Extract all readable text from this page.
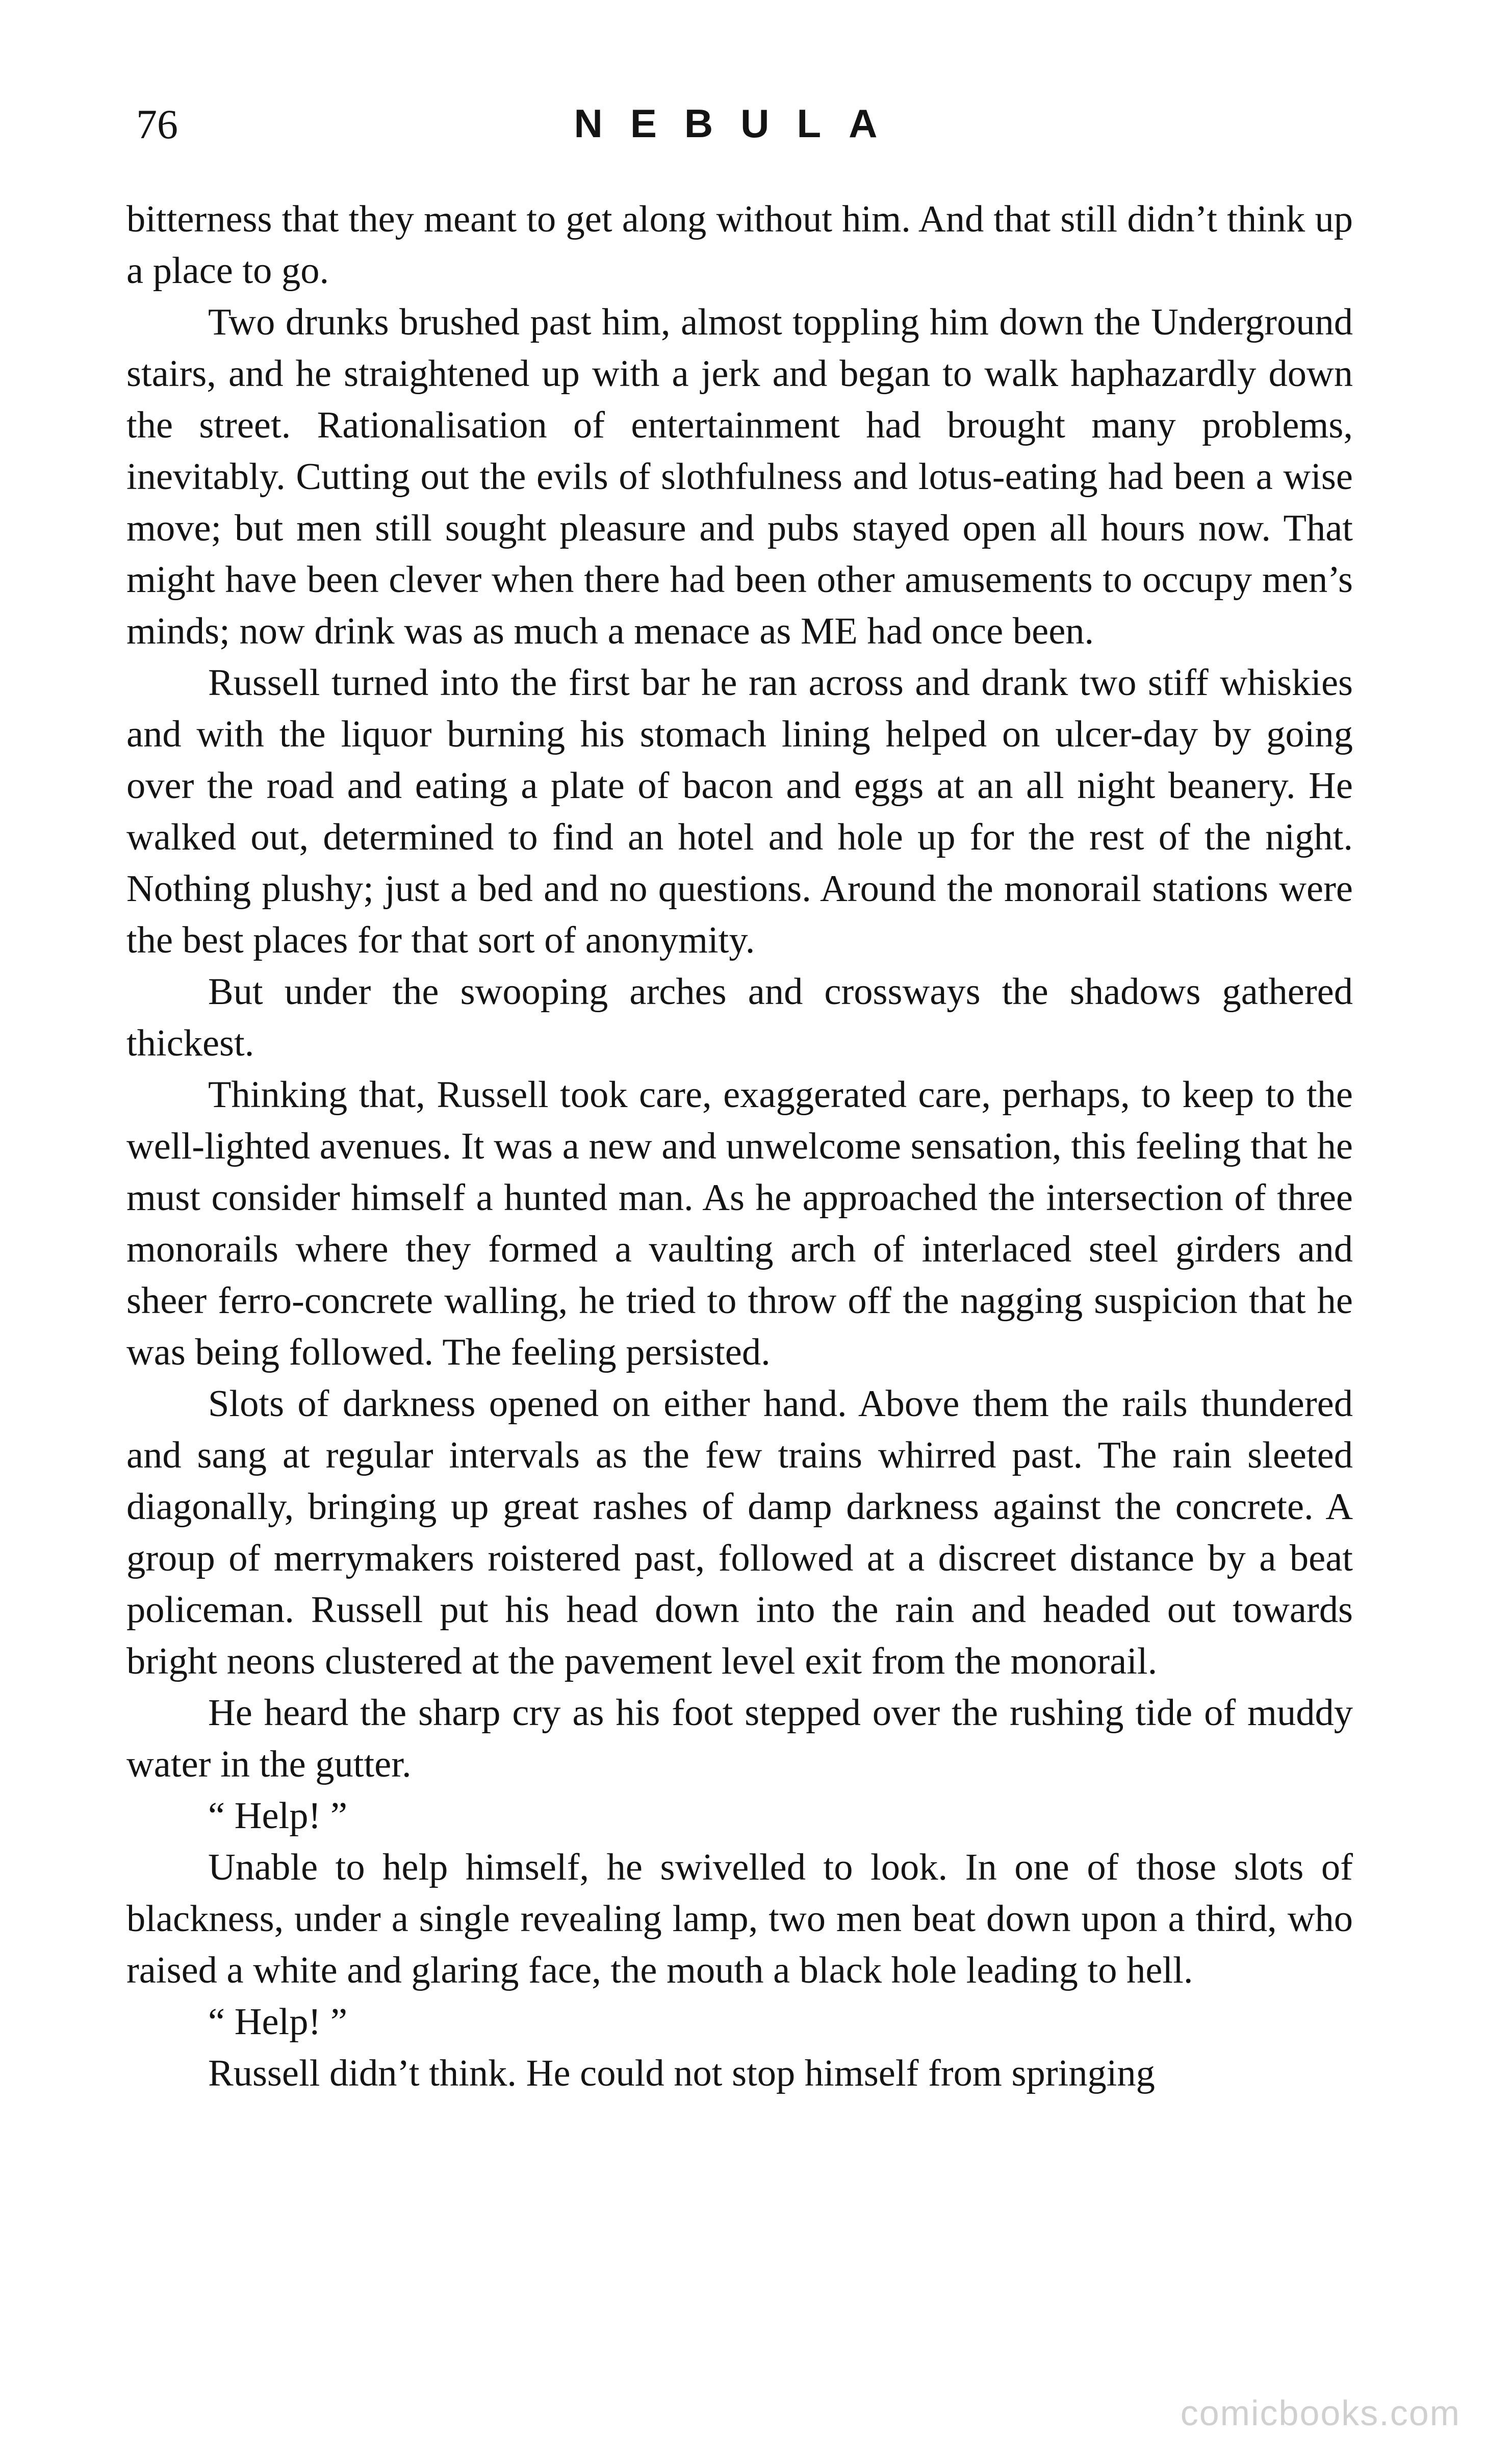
76	NEBULA

bitterness that they meant to get along without him. And that still didn’t think up a place to go.

Two drunks brushed past him, almost toppling him down the Underground stairs, and he straightened up with a jerk and began to walk haphazardly down the street. Rationalisation of entertainment had brought many problems, inevitably. Cutting out the evils of slothfulness and lotus-eating had been a wise move; but men still sought pleasure and pubs stayed open all hours now. That might have been clever when there had been other amusements to occupy men’s minds; now drink was as much a menace as ME had once been.

Russell turned into the first bar he ran across and drank two stiff whiskies and with the liquor burning his stomach lining helped on ulcer-day by going over the road and eating a plate of bacon and eggs at an all night beanery. He walked out, determined to find an hotel and hole up for the rest of the night. Nothing plushy; just a bed and no questions. Around the monorail stations were the best places for that sort of anonymity.

But under the swooping arches and crossways the shadows gathered thickest.

Thinking that, Russell took care, exaggerated care, perhaps, to keep to the well-lighted avenues. It was a new and unwelcome sensation, this feeling that he must consider himself a hunted man. As he approached the intersection of three monorails where they formed a vaulting arch of interlaced steel girders and sheer ferro-concrete walling, he tried to throw off the nagging suspicion that he was being followed. The feeling persisted.

Slots of darkness opened on either hand. Above them the rails thundered and sang at regular intervals as the few trains whirred past. The rain sleeted diagonally, bringing up great rashes of damp darkness against the concrete. A group of merrymakers roistered past, followed at a discreet distance by a beat policeman. Russell put his head down into the rain and headed out towards bright neons clustered at the pavement level exit from the monorail.

He heard the sharp cry as his foot stepped over the rushing tide of muddy water in the gutter.

“ Help! ”

Unable to help himself, he swivelled to look. In one of those slots of blackness, under a single revealing lamp, two men beat down upon a third, who raised a white and glaring face, the mouth a black hole leading to hell.

“ Help! ”

Russell didn’t think. He could not stop himself from springing

comicbooks.com
